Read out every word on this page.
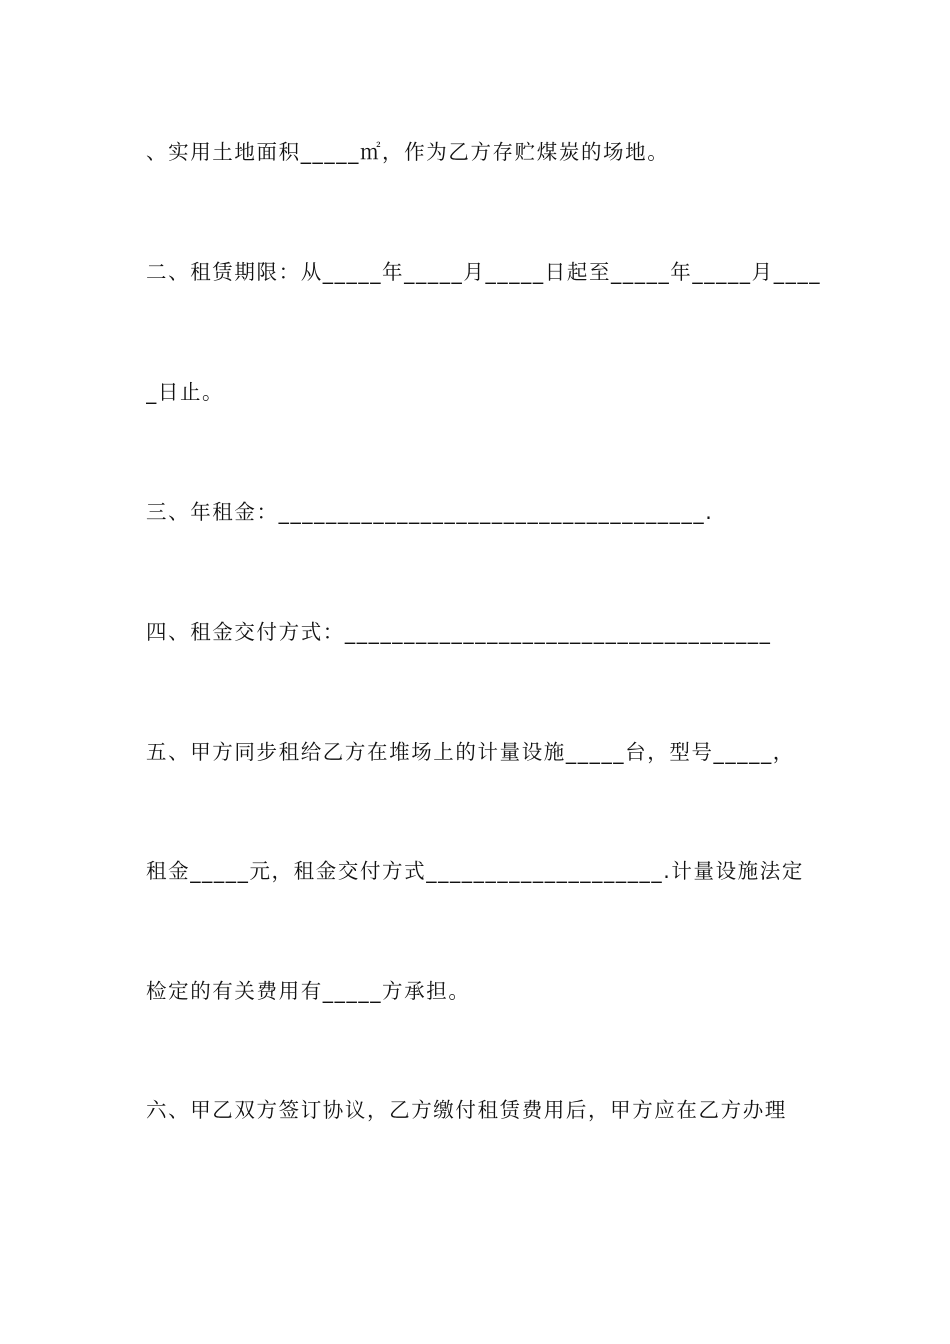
、实用土地面积_____㎡，作为乙方存贮煤炭的场地。
二、租赁期限：从_____年_____月_____日起至_____年_____月____
_日止。
三、年租金：____________________________________.
四、租金交付方式：____________________________________
五、甲方同步租给乙方在堆场上的计量设施_____台，型号_____，
租金_____元，租金交付方式____________________.计量设施法定
检定的有关费用有_____方承担。
六、甲乙双方签订协议，乙方缴付租赁费用后，甲方应在乙方办理
